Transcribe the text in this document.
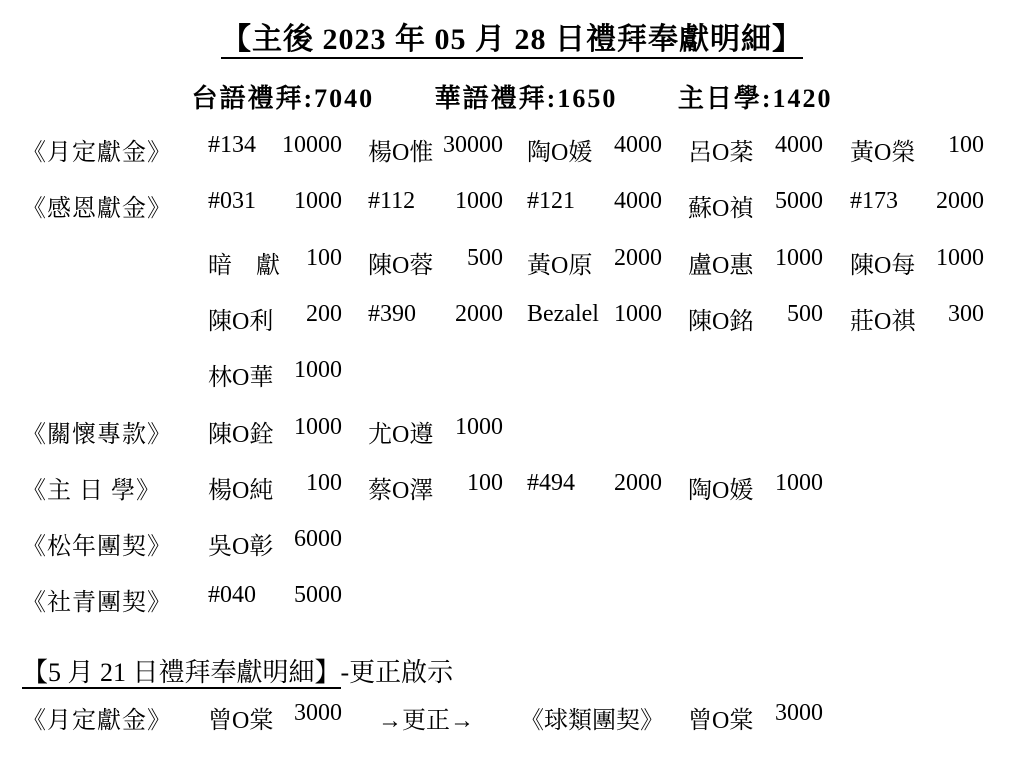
【主後 2023 年 05 月 28 日禮拜奉獻明細】
台語禮拜:7040 華語禮拜:1650 主日學:1420
《月定獻金》 #134 10000 楊O惟 30000 陶O媛 4000 呂O棻 4000 黃O榮 100
《感恩獻金》 #031 1000 #112 1000 #121 4000 蘇O禎 5000 #173 2000
暗　獻 100 陳O蓉 500 黃O原 2000 盧O惠 1000 陳O每 1000
陳O利 200 #390 2000 Bezalel 1000 陳O銘 500 莊O祺 300
林O華 1000
《關懷專款》 陳O銓 1000 尤O遵 1000
《主 日 學》 楊O純 100 蔡O澤 100 #494 2000 陶O媛 1000
《松年團契》 吳O彰 6000
《社青團契》 #040 5000
【5 月 21 日禮拜奉獻明細】-更正啟示
《月定獻金》 曾O棠 3000 →更正→ 《球類團契》 曾O棠 3000
